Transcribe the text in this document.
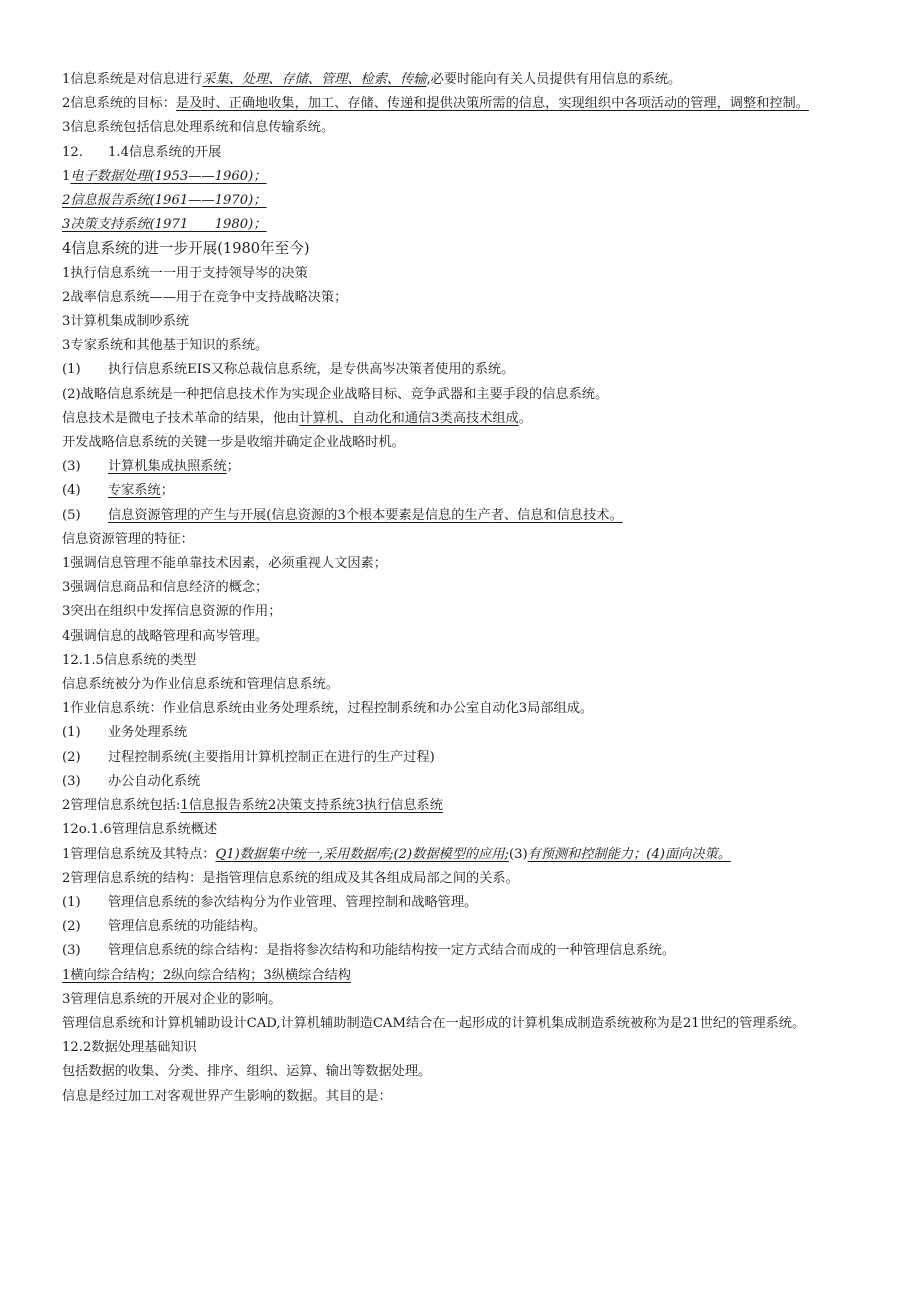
1信息系统是对信息进行采集、处理、存储、管理、检索、传输,必要时能向有关人员提供有用信息的系统。
2信息系统的目标：是及时、正确地收集，加工、存储、传递和提供决策所需的信息，实现组织中各项活动的管理，调整和控制。
3信息系统包括信息处理系统和信息传输系统。
12. 1.4信息系统的开展
1电子数据处理(1953——1960)；
2信息报告系统(1961——1970)；
3决策支持系统(1971　　1980)；
4信息系统的进一步开展(1980年至今)
1执行信息系统一一用于支持领导岑的决策
2战率信息系统——用于在竞争中支持战略决策；
3计算机集成制吵系统
3专家系统和其他基于知识的系统。
(1) 执行信息系统EIS又称总裁信息系统，是专供高岑决策者使用的系统。
(2)战略信息系统是一种把信息技术作为实现企业战略目标、竞争武器和主要手段的信息系统。
信息技术是微电子技术革命的结果，他由计算机、自动化和通信3类高技术组成。
开发战略信息系统的关键一步是收缩并确定企业战略时机。
(3) 计算机集成执照系统；
(4) 专家系统；
(5) 信息资源管理的产生与开展(信息资源的3个根本要素是信息的生产者、信息和信息技术。
信息资源管理的特征：
1强调信息管理不能单靠技术因素，必须重视人文因素；
3强调信息商品和信息经济的概念；
3突出在组织中发挥信息资源的作用；
4强调信息的战略管理和高岑管理。
12.1.5信息系统的类型
信息系统被分为作业信息系统和管理信息系统。
1作业信息系统：作业信息系统由业务处理系统，过程控制系统和办公室自动化3局部组成。
(1) 业务处理系统
(2) 过程控制系统(主要指用计算机控制正在进行的生产过程)
(3) 办公自动化系统
2管理信息系统包括:1信息报告系统2决策支持系统3执行信息系统
12o.1.6管理信息系统概述
1管理信息系统及其特点：Q1)数据集中统一,采用数据库;(2)数据模型的应用;(3)有预测和控制能力；(4)面向决策。
2管理信息系统的结构：是指管理信息系统的组成及其各组成局部之间的关系。
(1) 管理信息系统的参次结构分为作业管理、管理控制和战略管理。
(2) 管理信息系统的功能结构。
(3) 管理信息系统的综合结构：是指将参次结构和功能结构按一定方式结合而成的一种管理信息系统。
1横向综合结构；2纵向综合结构；3纵横综合结构
3管理信息系统的开展对企业的影响。
管理信息系统和计算机辅助设计CAD,计算机辅助制造CAM结合在一起形成的计算机集成制造系统被称为是21世纪的管理系统。
12.2数据处理基础知识
包括数据的收集、分类、排序、组织、运算、输出等数据处理。
信息是经过加工对客观世界产生影响的数据。其目的是：
